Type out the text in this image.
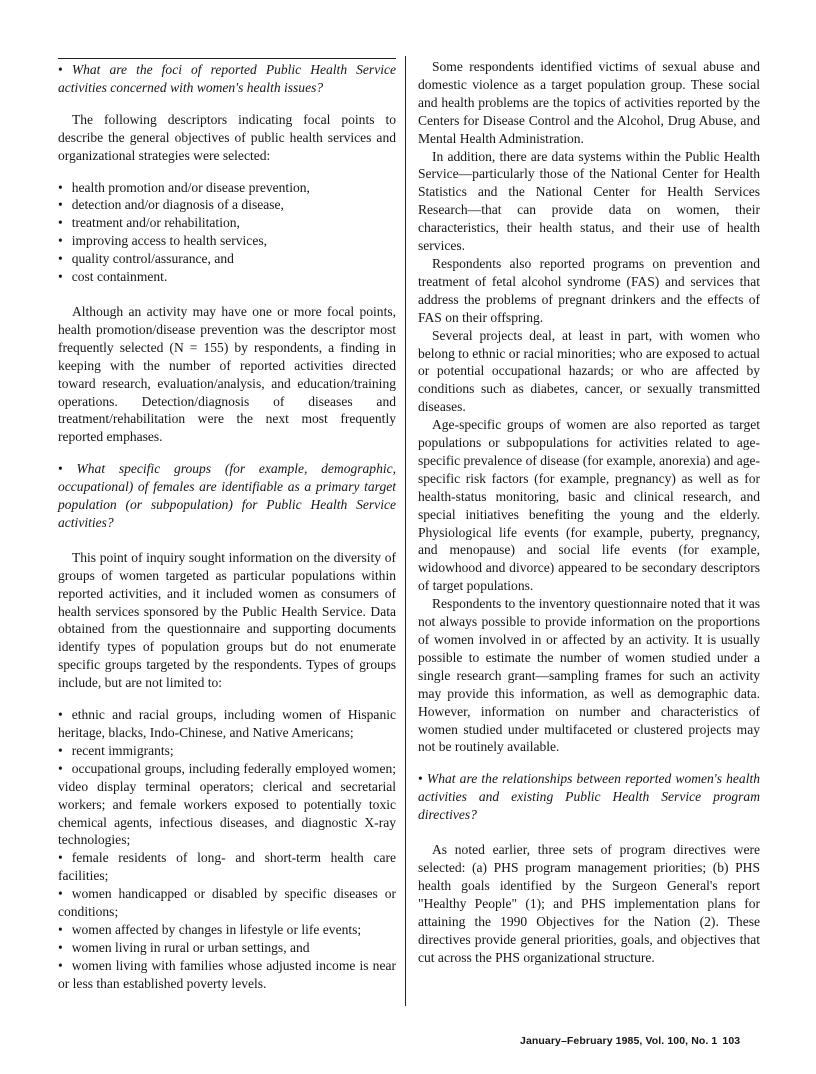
• What are the foci of reported Public Health Service activities concerned with women's health issues?

The following descriptors indicating focal points to describe the general objectives of public health services and organizational strategies were selected:

• health promotion and/or disease prevention,
• detection and/or diagnosis of a disease,
• treatment and/or rehabilitation,
• improving access to health services,
• quality control/assurance, and
• cost containment.

Although an activity may have one or more focal points, health promotion/disease prevention was the descriptor most frequently selected (N = 155) by respondents, a finding in keeping with the number of reported activities directed toward research, evaluation/analysis, and education/training operations. Detection/diagnosis of diseases and treatment/rehabilitation were the next most frequently reported emphases.

• What specific groups (for example, demographic, occupational) of females are identifiable as a primary target population (or subpopulation) for Public Health Service activities?

This point of inquiry sought information on the diversity of groups of women targeted as particular populations within reported activities, and it included women as consumers of health services sponsored by the Public Health Service. Data obtained from the questionnaire and supporting documents identify types of population groups but do not enumerate specific groups targeted by the respondents. Types of groups include, but are not limited to:

• ethnic and racial groups, including women of Hispanic heritage, blacks, Indo-Chinese, and Native Americans;
• recent immigrants;
• occupational groups, including federally employed women; video display terminal operators; clerical and secretarial workers; and female workers exposed to potentially toxic chemical agents, infectious diseases, and diagnostic X-ray technologies;
• female residents of long- and short-term health care facilities;
• women handicapped or disabled by specific diseases or conditions;
• women affected by changes in lifestyle or life events;
• women living in rural or urban settings, and
• women living with families whose adjusted income is near or less than established poverty levels.

Some respondents identified victims of sexual abuse and domestic violence as a target population group. These social and health problems are the topics of activities reported by the Centers for Disease Control and the Alcohol, Drug Abuse, and Mental Health Administration.

In addition, there are data systems within the Public Health Service—particularly those of the National Center for Health Statistics and the National Center for Health Services Research—that can provide data on women, their characteristics, their health status, and their use of health services.

Respondents also reported programs on prevention and treatment of fetal alcohol syndrome (FAS) and services that address the problems of pregnant drinkers and the effects of FAS on their offspring.

Several projects deal, at least in part, with women who belong to ethnic or racial minorities; who are exposed to actual or potential occupational hazards; or who are affected by conditions such as diabetes, cancer, or sexually transmitted diseases.

Age-specific groups of women are also reported as target populations or subpopulations for activities related to age-specific prevalence of disease (for example, anorexia) and age-specific risk factors (for example, pregnancy) as well as for health-status monitoring, basic and clinical research, and special initiatives benefiting the young and the elderly. Physiological life events (for example, puberty, pregnancy, and menopause) and social life events (for example, widowhood and divorce) appeared to be secondary descriptors of target populations.

Respondents to the inventory questionnaire noted that it was not always possible to provide information on the proportions of women involved in or affected by an activity. It is usually possible to estimate the number of women studied under a single research grant—sampling frames for such an activity may provide this information, as well as demographic data. However, information on number and characteristics of women studied under multifaceted or clustered projects may not be routinely available.

• What are the relationships between reported women's health activities and existing Public Health Service program directives?

As noted earlier, three sets of program directives were selected: (a) PHS program management priorities; (b) PHS health goals identified by the Surgeon General's report "Healthy People" (1); and PHS implementation plans for attaining the 1990 Objectives for the Nation (2). These directives provide general priorities, goals, and objectives that cut across the PHS organizational structure.

January–February 1985, Vol. 100, No. 1 103
